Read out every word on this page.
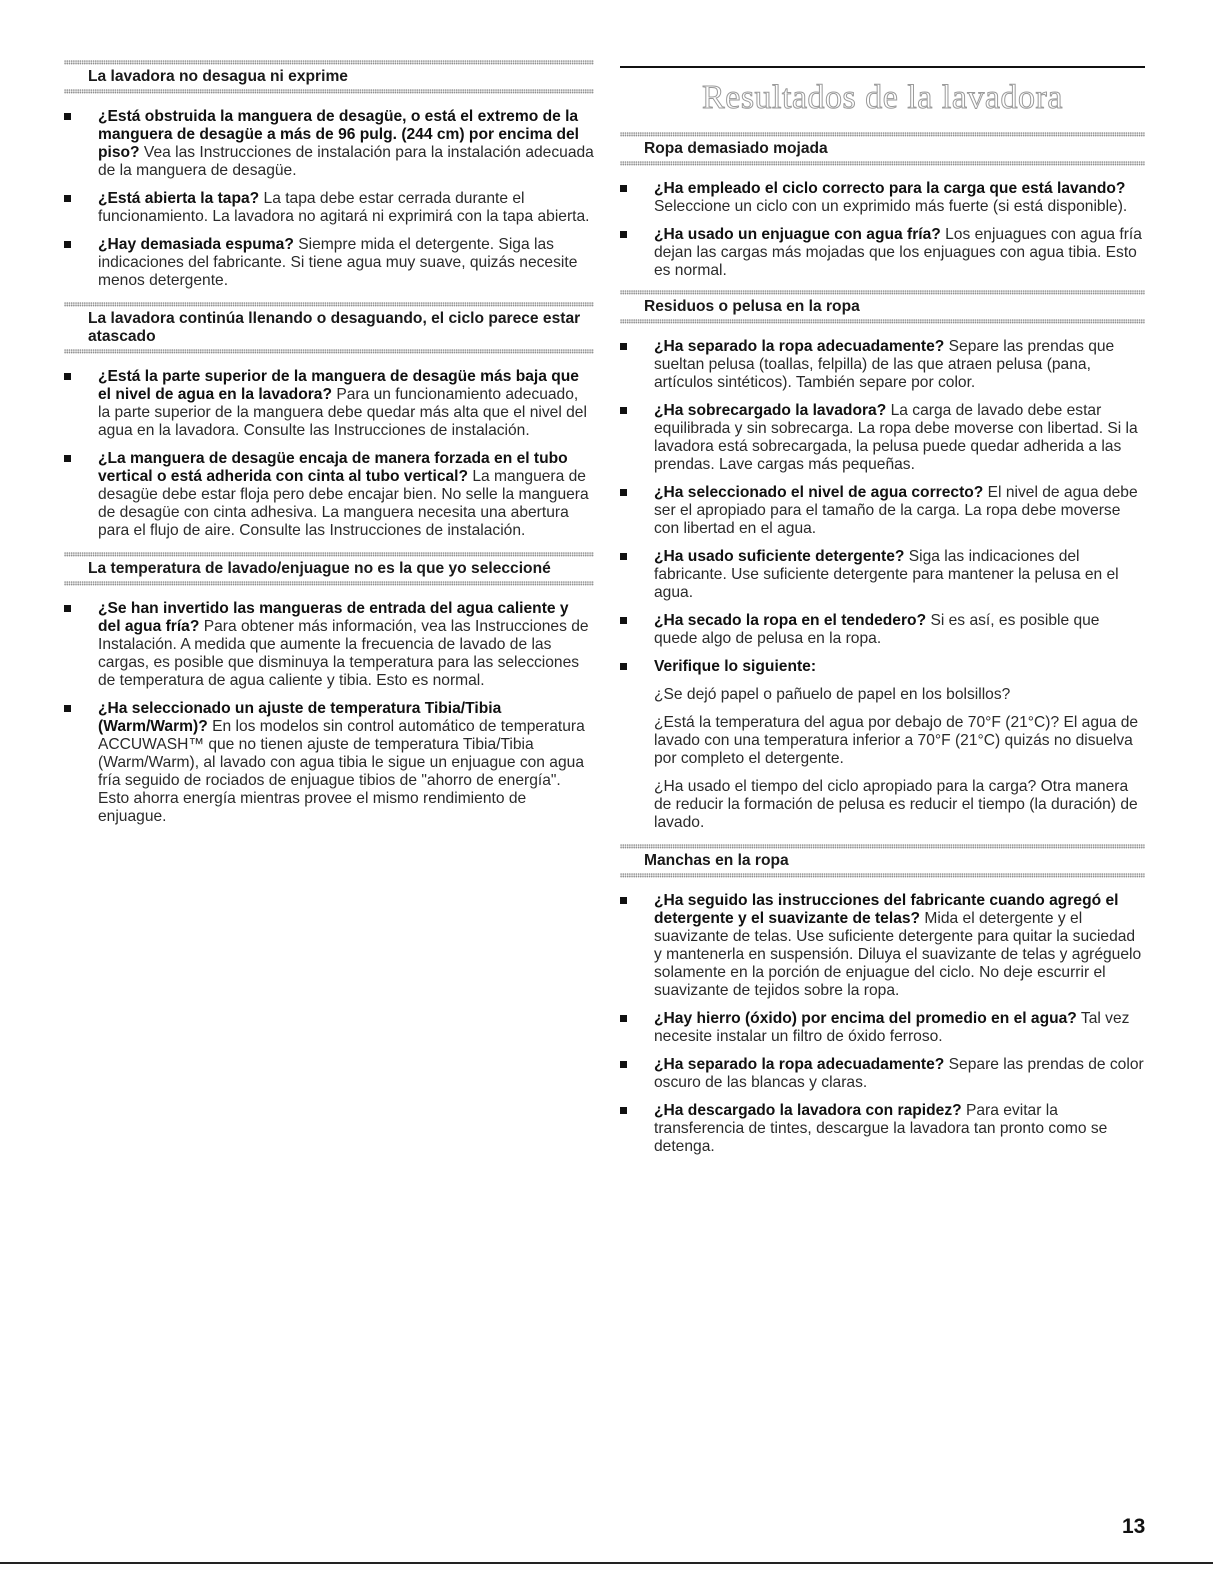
La lavadora no desagua ni exprime
¿Está obstruida la manguera de desagüe, o está el extremo de la manguera de desagüe a más de 96 pulg. (244 cm) por encima del piso? Vea las Instrucciones de instalación para la instalación adecuada de la manguera de desagüe.
¿Está abierta la tapa? La tapa debe estar cerrada durante el funcionamiento. La lavadora no agitará ni exprimirá con la tapa abierta.
¿Hay demasiada espuma? Siempre mida el detergente. Siga las indicaciones del fabricante. Si tiene agua muy suave, quizás necesite menos detergente.
La lavadora continúa llenando o desaguando, el ciclo parece estar atascado
¿Está la parte superior de la manguera de desagüe más baja que el nivel de agua en la lavadora? Para un funcionamiento adecuado, la parte superior de la manguera debe quedar más alta que el nivel del agua en la lavadora. Consulte las Instrucciones de instalación.
¿La manguera de desagüe encaja de manera forzada en el tubo vertical o está adherida con cinta al tubo vertical? La manguera de desagüe debe estar floja pero debe encajar bien. No selle la manguera de desagüe con cinta adhesiva. La manguera necesita una abertura para el flujo de aire. Consulte las Instrucciones de instalación.
La temperatura de lavado/enjuague no es la que yo seleccioné
¿Se han invertido las mangueras de entrada del agua caliente y del agua fría? Para obtener más información, vea las Instrucciones de Instalación. A medida que aumente la frecuencia de lavado de las cargas, es posible que disminuya la temperatura para las selecciones de temperatura de agua caliente y tibia. Esto es normal.
¿Ha seleccionado un ajuste de temperatura Tibia/Tibia (Warm/Warm)? En los modelos sin control automático de temperatura ACCUWASH™ que no tienen ajuste de temperatura Tibia/Tibia (Warm/Warm), al lavado con agua tibia le sigue un enjuague con agua fría seguido de rociados de enjuague tibios de "ahorro de energía". Esto ahorra energía mientras provee el mismo rendimiento de enjuague.
Resultados de la lavadora
Ropa demasiado mojada
¿Ha empleado el ciclo correcto para la carga que está lavando? Seleccione un ciclo con un exprimido más fuerte (si está disponible).
¿Ha usado un enjuague con agua fría? Los enjuagues con agua fría dejan las cargas más mojadas que los enjuagues con agua tibia. Esto es normal.
Residuos o pelusa en la ropa
¿Ha separado la ropa adecuadamente? Separe las prendas que sueltan pelusa (toallas, felpilla) de las que atraen pelusa (pana, artículos sintéticos). También separe por color.
¿Ha sobrecargado la lavadora? La carga de lavado debe estar equilibrada y sin sobrecarga. La ropa debe moverse con libertad. Si la lavadora está sobrecargada, la pelusa puede quedar adherida a las prendas. Lave cargas más pequeñas.
¿Ha seleccionado el nivel de agua correcto? El nivel de agua debe ser el apropiado para el tamaño de la carga. La ropa debe moverse con libertad en el agua.
¿Ha usado suficiente detergente? Siga las indicaciones del fabricante. Use suficiente detergente para mantener la pelusa en el agua.
¿Ha secado la ropa en el tendedero? Si es así, es posible que quede algo de pelusa en la ropa.
Verifique lo siguiente:

¿Se dejó papel o pañuelo de papel en los bolsillos?

¿Está la temperatura del agua por debajo de 70°F (21°C)? El agua de lavado con una temperatura inferior a 70°F (21°C) quizás no disuelva por completo el detergente.

¿Ha usado el tiempo del ciclo apropiado para la carga? Otra manera de reducir la formación de pelusa es reducir el tiempo (la duración) de lavado.

Manchas en la ropa
¿Ha seguido las instrucciones del fabricante cuando agregó el detergente y el suavizante de telas? Mida el detergente y el suavizante de telas. Use suficiente detergente para quitar la suciedad y mantenerla en suspensión. Diluya el suavizante de telas y agréguelo solamente en la porción de enjuague del ciclo. No deje escurrir el suavizante de tejidos sobre la ropa.
¿Hay hierro (óxido) por encima del promedio en el agua? Tal vez necesite instalar un filtro de óxido ferroso.
¿Ha separado la ropa adecuadamente? Separe las prendas de color oscuro de las blancas y claras.
¿Ha descargado la lavadora con rapidez? Para evitar la transferencia de tintes, descargue la lavadora tan pronto como se detenga.
13
